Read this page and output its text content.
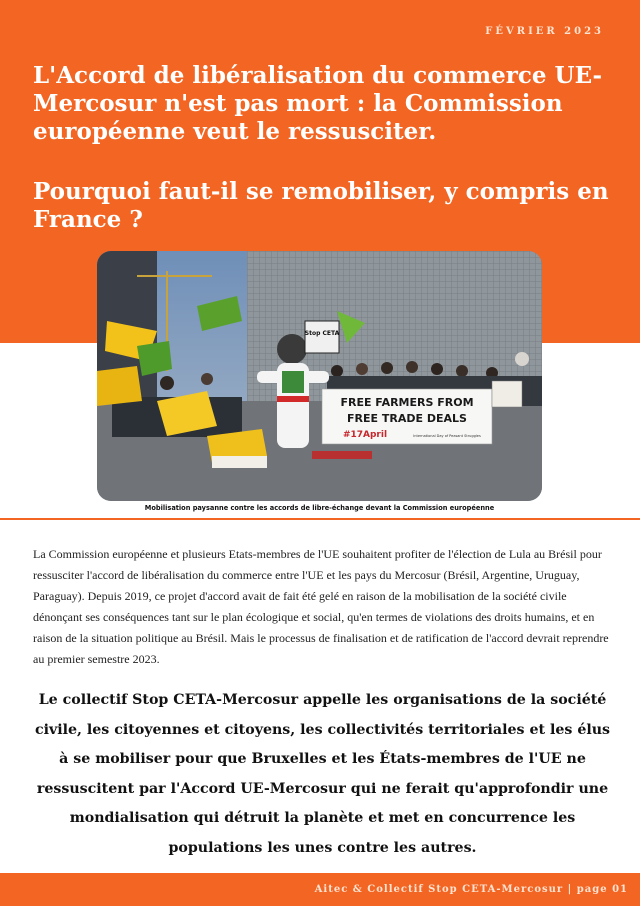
FÉVRIER 2023
L'Accord de libéralisation du commerce UE-Mercosur n'est pas mort : la Commission européenne veut le ressusciter.
Pourquoi faut-il se remobiliser, y compris en France ?
Stop CETA
FREE FARMERS FROM
FREE TRADE DEALS
#17April	International Day of Peasant Struggles
Mobilisation paysanne contre les accords de libre-échange devant la Commission européenne

La Commission européenne et plusieurs Etats-membres de l'UE souhaitent profiter de l'élection de Lula au Brésil pour ressusciter l'accord de libéralisation du commerce entre l'UE et les pays du Mercosur (Brésil, Argentine, Uruguay, Paraguay). Depuis 2019, ce projet d'accord avait de fait été gelé en raison de la mobilisation de la société civile dénonçant ses conséquences tant sur le plan écologique et social, qu'en termes de violations des droits humains, et en raison de la situation politique au Brésil. Mais le processus de finalisation et de ratification de l'accord devrait reprendre au premier semestre 2023.

Le collectif Stop CETA-Mercosur appelle les organisations de la société civile, les citoyennes et citoyens, les collectivités territoriales et les élus à se mobiliser pour que Bruxelles et les États-membres de l'UE ne ressuscitent par l'Accord UE-Mercosur qui ne ferait qu'approfondir une mondialisation qui détruit la planète et met en concurrence les populations les unes contre les autres.

Aitec & Collectif Stop CETA-Mercosur | page 01
